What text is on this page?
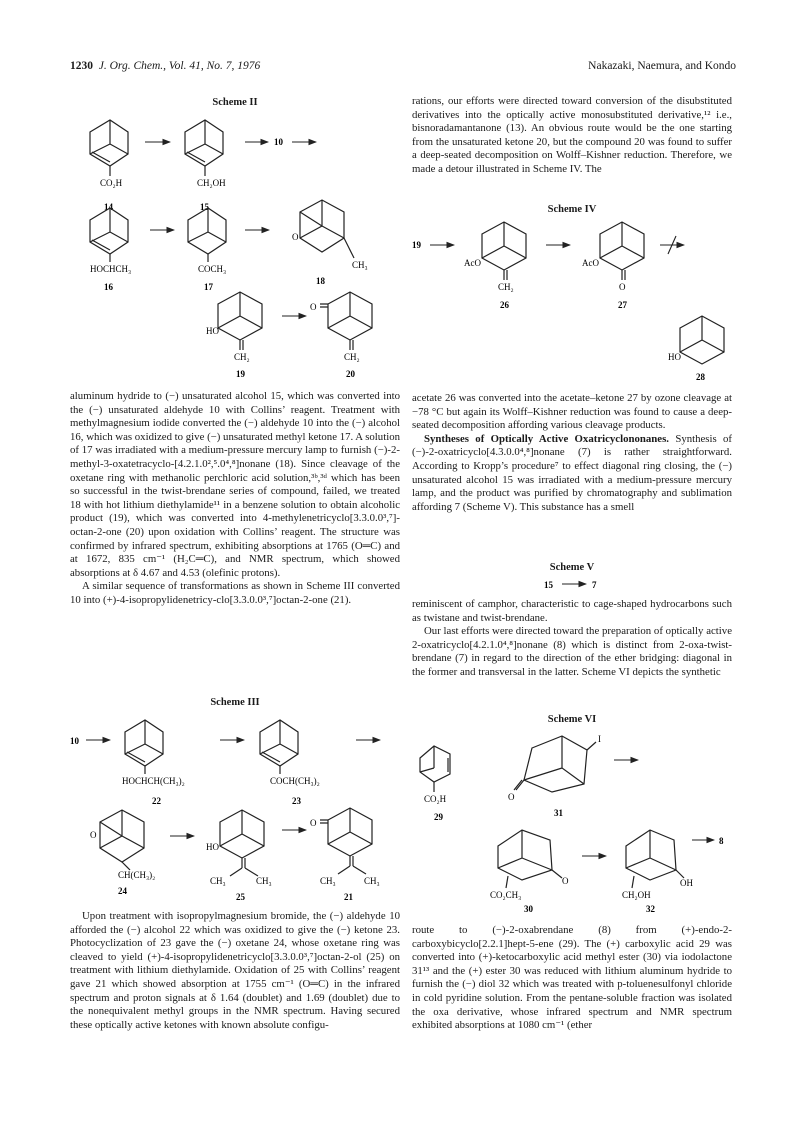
1230 J. Org. Chem., Vol. 41, No. 7, 1976	Nakazaki, Naemura, and Kondo
Scheme II
CO₂H
14
CH₂OH
15
10
HOCHCH₃
16
COCH₃
17
O
CH₃
18
HO
CH₂
19
O
CH₂
20

aluminum hydride to (−) unsaturated alcohol 15, which was converted into the (−) unsaturated aldehyde 10 with Collins’ reagent. Treatment with methylmagnesium iodide converted the (−) aldehyde 10 into the (−) alcohol 16, which was oxidized to give (−) unsaturated methyl ketone 17. A solution of 17 was irradiated with a medium-pressure mercury lamp to furnish (−)-2-methyl-3-oxatetracyclo-[4.2.1.0²,⁵.0⁴,⁸]nonane (18). Since cleavage of the oxetane ring with methanolic perchloric acid solution,³ᵇ,³ᵈ which has been so successful in the twist-brendane series of compound, failed, we treated 18 with hot lithium diethylamide¹¹ in a benzene solution to obtain alcoholic product (19), which was converted into 4-methylenetricyclo[3.3.0.0³,⁷]-octan-2-one (20) upon oxidation with Collins’ reagent. The structure was confirmed by infrared spectrum, exhibiting absorptions at 1765 (O═C) and at 1672, 835 cm⁻¹ (H₂C═C), and NMR spectrum, which showed absorptions at δ 4.67 and 4.53 (olefinic protons).

A similar sequence of transformations as shown in Scheme III converted 10 into (+)-4-isopropylidenetricy-clo[3.3.0.0³,⁷]octan-2-one (21).

Scheme III
10
HOCHCH(CH₃)₂
22
COCH(CH₃)₂
23
O
CH(CH₃)₂
24
HO
CH₃	CH₃
25
O
CH₃	CH₃
21

Upon treatment with isopropylmagnesium bromide, the (−) aldehyde 10 afforded the (−) alcohol 22 which was oxidized to give the (−) ketone 23. Photocyclization of 23 gave the (−) oxetane 24, whose oxetane ring was cleaved to yield (+)-4-isopropylidenetricyclo[3.3.0.0³,⁷]octan-2-ol (25) on treatment with lithium diethylamide. Oxidation of 25 with Collins’ reagent gave 21 which showed absorption at 1755 cm⁻¹ (O═C) in the infrared spectrum and proton signals at δ 1.64 (doublet) and 1.69 (doublet) due to the nonequivalent methyl groups in the NMR spectrum. Having secured these optically active ketones with known absolute configu-

rations, our efforts were directed toward conversion of the disubstituted derivatives into the optically active monosubstituted derivative,¹² i.e., bisnoradamantanone (13). An obvious route would be the one starting from the unsaturated ketone 20, but the compound 20 was found to suffer a deep-seated decomposition on Wolff–Kishner reduction. Therefore, we made a detour illustrated in Scheme IV. The

Scheme IV
19
AcO
CH₂
26
AcO
O
27
HO
28

acetate 26 was converted into the acetate–ketone 27 by ozone cleavage at −78 °C but again its Wolff–Kishner reduction was found to cause a deep-seated decomposition affording various cleavage products.

Syntheses of Optically Active Oxatricyclononanes. Synthesis of (−)-2-oxatricyclo[4.3.0.0⁴,⁸]nonane (7) is rather straightforward. According to Kropp’s procedure⁷ to effect diagonal ring closing, the (−) unsaturated alcohol 15 was irradiated with a medium-pressure mercury lamp, and the product was purified by chromatography and sublimation affording 7 (Scheme V). This substance has a smell

Scheme V
15	7

reminiscent of camphor, characteristic to cage-shaped hydrocarbons such as twistane and twist-brendane.

Our last efforts were directed toward the preparation of optically active 2-oxatricyclo[4.2.1.0⁴,⁸]nonane (8) which is distinct from 2-oxa-twist-brendane (7) in regard to the direction of the ether bridging: diagonal in the former and transversal in the latter. Scheme VI depicts the synthetic

Scheme VI
CO₂H
29
I
O
31
O
CO₂CH₃
30
OH
CH₂OH
32
8

route to (−)-2-oxabrendane (8) from (+)-endo-2-carboxybicyclo[2.2.1]hept-5-ene (29). The (+) carboxylic acid 29 was converted into (+)-ketocarboxylic acid methyl ester (30) via iodolactone 31¹³ and the (+) ester 30 was reduced with lithium aluminum hydride to furnish the (−) diol 32 which was treated with p-toluenesulfonyl chloride in cold pyridine solution. From the pentane-soluble fraction was isolated the oxa derivative, whose infrared spectrum and NMR spectrum exhibited absorptions at 1080 cm⁻¹ (ether
